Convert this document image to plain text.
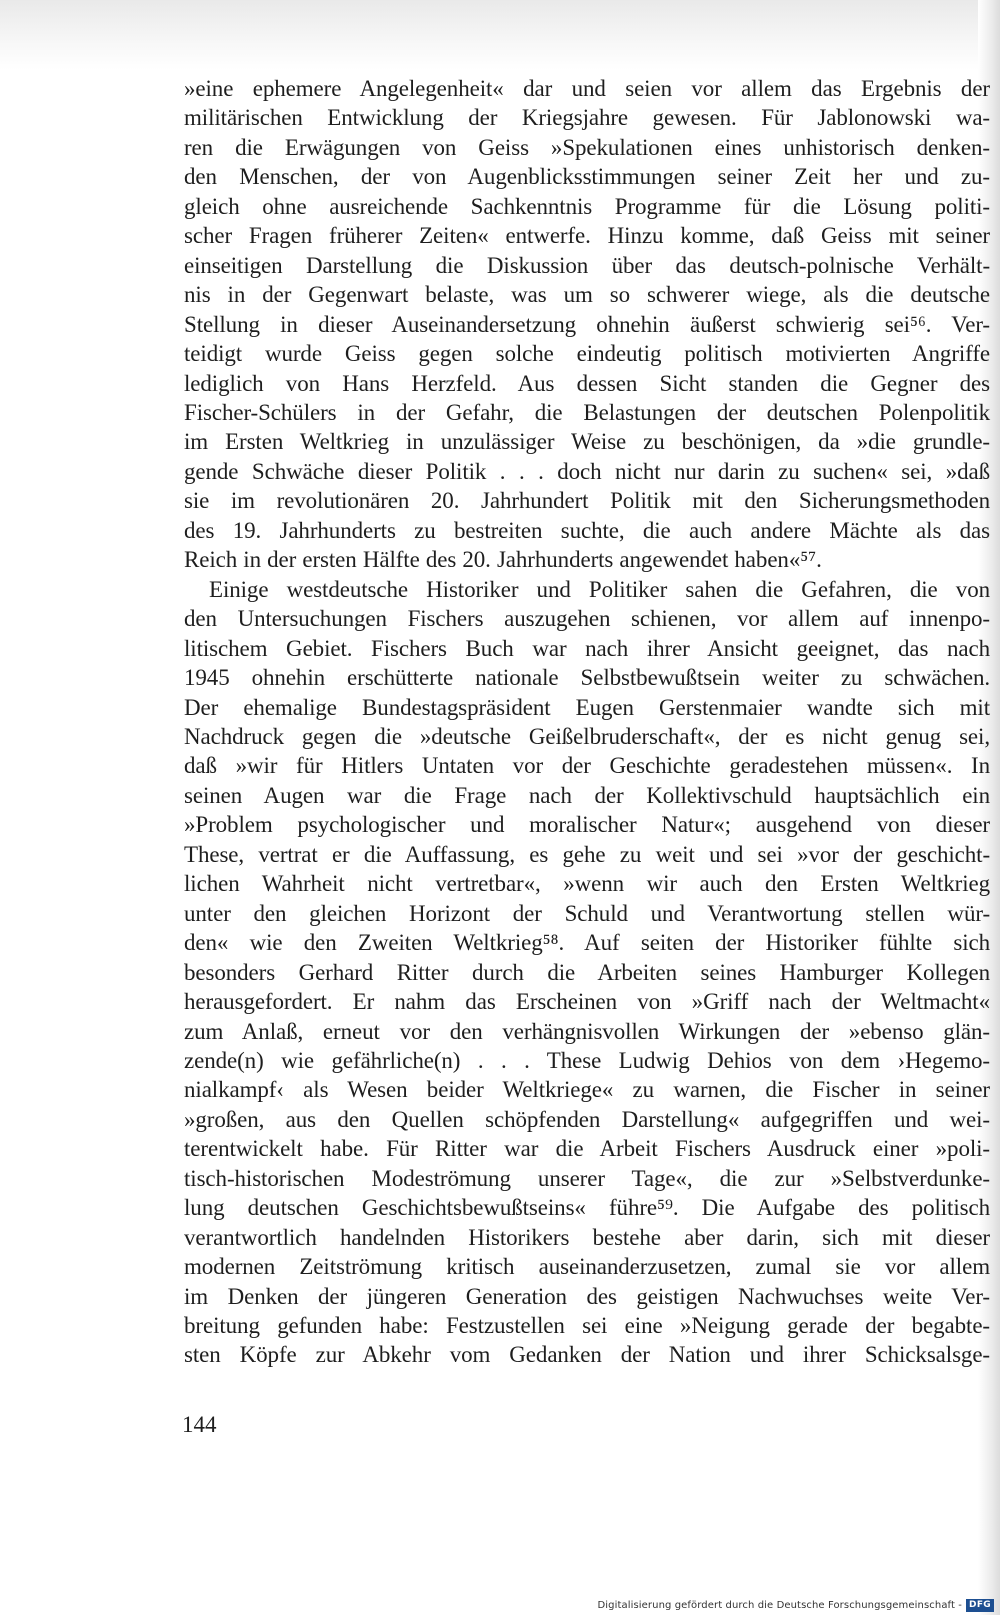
»eine ephemere Angelegenheit« dar und seien vor allem das Ergebnis der
militärischen Entwicklung der Kriegsjahre gewesen. Für Jablonowski wa-
ren die Erwägungen von Geiss »Spekulationen eines unhistorisch denken-
den Menschen, der von Augenblicksstimmungen seiner Zeit her und zu-
gleich ohne ausreichende Sachkenntnis Programme für die Lösung politi-
scher Fragen früherer Zeiten« entwerfe. Hinzu komme, daß Geiss mit seiner
einseitigen Darstellung die Diskussion über das deutsch-polnische Verhält-
nis in der Gegenwart belaste, was um so schwerer wiege, als die deutsche
Stellung in dieser Auseinandersetzung ohnehin äußerst schwierig sei⁵⁶. Ver-
teidigt wurde Geiss gegen solche eindeutig politisch motivierten Angriffe
lediglich von Hans Herzfeld. Aus dessen Sicht standen die Gegner des
Fischer-Schülers in der Gefahr, die Belastungen der deutschen Polenpolitik
im Ersten Weltkrieg in unzulässiger Weise zu beschönigen, da »die grundle-
gende Schwäche dieser Politik . . . doch nicht nur darin zu suchen« sei, »daß
sie im revolutionären 20. Jahrhundert Politik mit den Sicherungsmethoden
des 19. Jahrhunderts zu bestreiten suchte, die auch andere Mächte als das
Reich in der ersten Hälfte des 20. Jahrhunderts angewendet haben«⁵⁷.
Einige westdeutsche Historiker und Politiker sahen die Gefahren, die von
den Untersuchungen Fischers auszugehen schienen, vor allem auf innenpo-
litischem Gebiet. Fischers Buch war nach ihrer Ansicht geeignet, das nach
1945 ohnehin erschütterte nationale Selbstbewußtsein weiter zu schwächen.
Der ehemalige Bundestagspräsident Eugen Gerstenmaier wandte sich mit
Nachdruck gegen die »deutsche Geißelbruderschaft«, der es nicht genug sei,
daß »wir für Hitlers Untaten vor der Geschichte geradestehen müssen«. In
seinen Augen war die Frage nach der Kollektivschuld hauptsächlich ein
»Problem psychologischer und moralischer Natur«; ausgehend von dieser
These, vertrat er die Auffassung, es gehe zu weit und sei »vor der geschicht-
lichen Wahrheit nicht vertretbar«, »wenn wir auch den Ersten Weltkrieg
unter den gleichen Horizont der Schuld und Verantwortung stellen wür-
den« wie den Zweiten Weltkrieg⁵⁸. Auf seiten der Historiker fühlte sich
besonders Gerhard Ritter durch die Arbeiten seines Hamburger Kollegen
herausgefordert. Er nahm das Erscheinen von »Griff nach der Weltmacht«
zum Anlaß, erneut vor den verhängnisvollen Wirkungen der »ebenso glän-
zende(n) wie gefährliche(n) . . . These Ludwig Dehios von dem ›Hegemo-
nialkampf‹ als Wesen beider Weltkriege« zu warnen, die Fischer in seiner
»großen, aus den Quellen schöpfenden Darstellung« aufgegriffen und wei-
terentwickelt habe. Für Ritter war die Arbeit Fischers Ausdruck einer »poli-
tisch-historischen Modeströmung unserer Tage«, die zur »Selbstverdunke-
lung deutschen Geschichtsbewußtseins« führe⁵⁹. Die Aufgabe des politisch
verantwortlich handelnden Historikers bestehe aber darin, sich mit dieser
modernen Zeitströmung kritisch auseinanderzusetzen, zumal sie vor allem
im Denken der jüngeren Generation des geistigen Nachwuchses weite Ver-
breitung gefunden habe: Festzustellen sei eine »Neigung gerade der begabte-
sten Köpfe zur Abkehr vom Gedanken der Nation und ihrer Schicksalsge-
144
Digitalisierung gefördert durch die Deutsche Forschungsgemeinschaft - DFG
